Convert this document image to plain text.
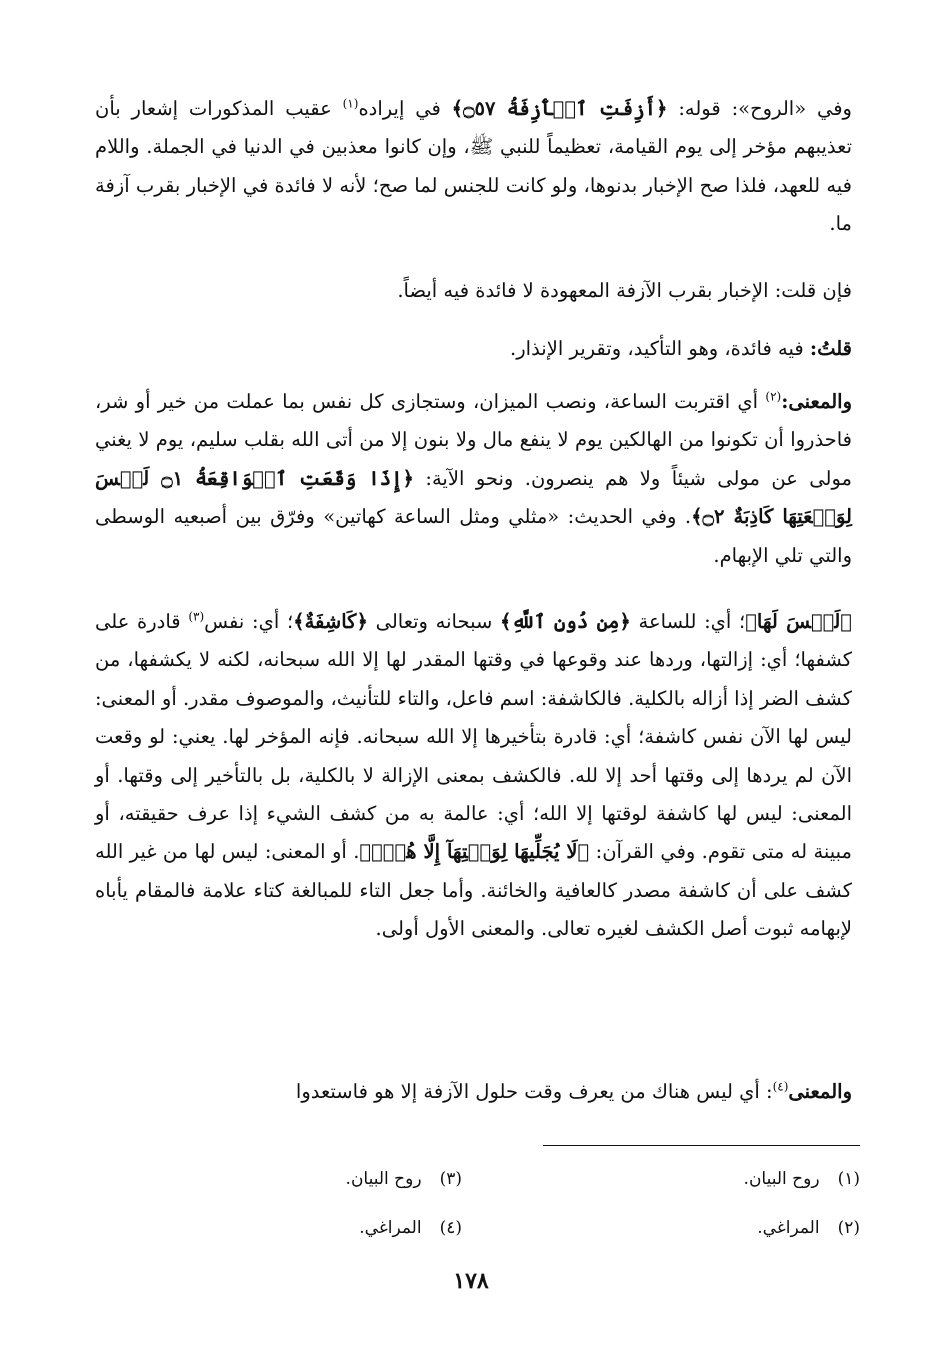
وفي «الروح»: قوله: ﴿أَزِفَتِ ٱلۡأٓزِفَةُ ۝٥٧﴾ في إيراده$^{(١)}$ عقيب المذكورات إشعار بأن تعذيبهم مؤخر إلى يوم القيامة، تعظيماً للنبي ﷺ، وإن كانوا معذبين في الدنيا في الجملة. واللام فيه للعهد، فلذا صح الإخبار بدنوها، ولو كانت للجنس لما صح؛ لأنه لا فائدة في الإخبار بقرب آزفة ما.

فإن قلت: الإخبار بقرب الآزفة المعهودة لا فائدة فيه أيضاً.

قلتُ: فيه فائدة، وهو التأكيد، وتقرير الإنذار.

والمعنى:$^{(٢)}$ أي اقتربت الساعة، ونصب الميزان، وستجازى كل نفس بما عملت من خير أو شر، فاحذروا أن تكونوا من الهالكين يوم لا ينفع مال ولا بنون إلا من أتى الله بقلب سليم، يوم لا يغني مولى عن مولى شيئاً ولا هم ينصرون. ونحو الآية: ﴿إِذَا وَقَعَتِ ٱلۡوَاقِعَةُ ۝١ لَيۡسَ لِوَقۡعَتِهَا كَاذِبَةٌ ۝٢﴾. وفي الحديث: «مثلي ومثل الساعة كهاتين» وفرّق بين أصبعيه الوسطى والتي تلي الإبهام.

﴿لَيۡسَ لَهَا﴾؛ أي: للساعة ﴿مِن دُونِ ٱللَّهِ﴾ سبحانه وتعالى ﴿كَاشِفَةٌ﴾؛ أي: نفس$^{(٣)}$ قادرة على كشفها؛ أي: إزالتها، وردها عند وقوعها في وقتها المقدر لها إلا الله سبحانه، لكنه لا يكشفها، من كشف الضر إذا أزاله بالكلية. فالكاشفة: اسم فاعل، والتاء للتأنيث، والموصوف مقدر. أو المعنى: ليس لها الآن نفس كاشفة؛ أي: قادرة بتأخيرها إلا الله سبحانه. فإنه المؤخر لها. يعني: لو وقعت الآن لم يردها إلى وقتها أحد إلا لله. فالكشف بمعنى الإزالة لا بالكلية، بل بالتأخير إلى وقتها. أو المعنى: ليس لها كاشفة لوقتها إلا الله؛ أي: عالمة به من كشف الشيء إذا عرف حقيقته، أو مبينة له متى تقوم. وفي القرآن: ﴿لَا يُجَلِّيهَا لِوَقۡتِهَآ إِلَّا هُوَۚ﴾. أو المعنى: ليس لها من غير الله كشف على أن كاشفة مصدر كالعافية والخائنة. وأما جعل التاء للمبالغة كتاء علامة فالمقام يأباه لإبهامه ثبوت أصل الكشف لغيره تعالى. والمعنى الأول أولى.

والمعنى$^{(٤)}$: أي ليس هناك من يعرف وقت حلول الآزفة إلا هو فاستعدوا

(١)روح البيان.
(٢)المراغي.
(٣)روح البيان.
(٤)المراغي.
١٧٨
